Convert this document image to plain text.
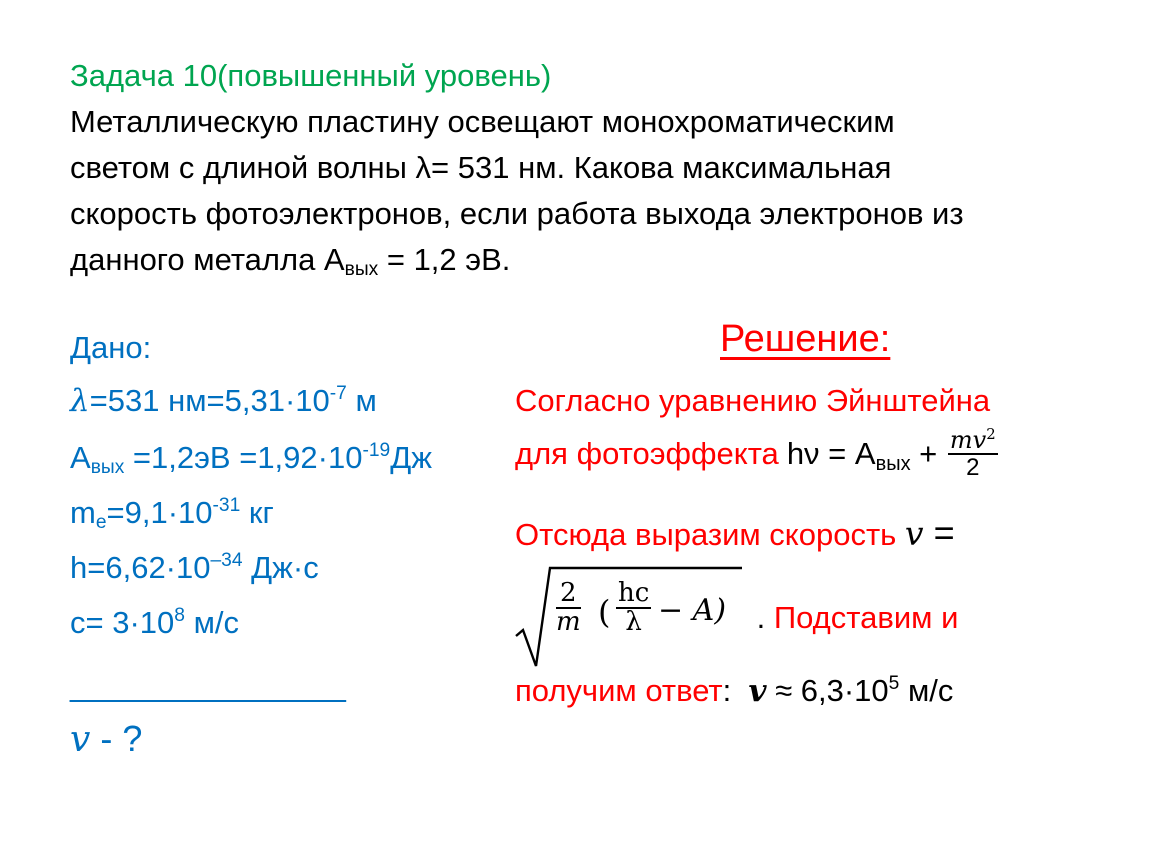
Задача 10(повышенный уровень)
Металлическую пластину освещают монохроматическим
светом с длиной волны λ= 531 нм. Какова максимальная
скорость фотоэлектронов, если работа выхода электронов из
данного металла $А_{вых} = 1,2$ эВ.
Дано:
λ=531 $нм=5,31\cdot 10^{-7}$ м
$А_{вых} =1,2эВ =1,92\cdot 10^{-19}Дж$
$m_e=9,1\cdot 10^{-31}$ кг
$h=6,62\cdot 10^{-34}$ Дж·с
$c= 3\cdot 10^8$ м/с
________________
𝑣 - ?
Решение:
Согласно уравнению Эйнштейна
для фотоэффекта $h\nu = А_{вых} + \frac{𝑚𝑣^2}{2}$
Отсюда выразим скорость 𝑣 =
2
𝑚 ( $\frac{hc}{\lambda}$ − 𝐴) . Подставим и
получим ответ:  𝒗 ≈ $6,3\cdot 10^5$ м/с
